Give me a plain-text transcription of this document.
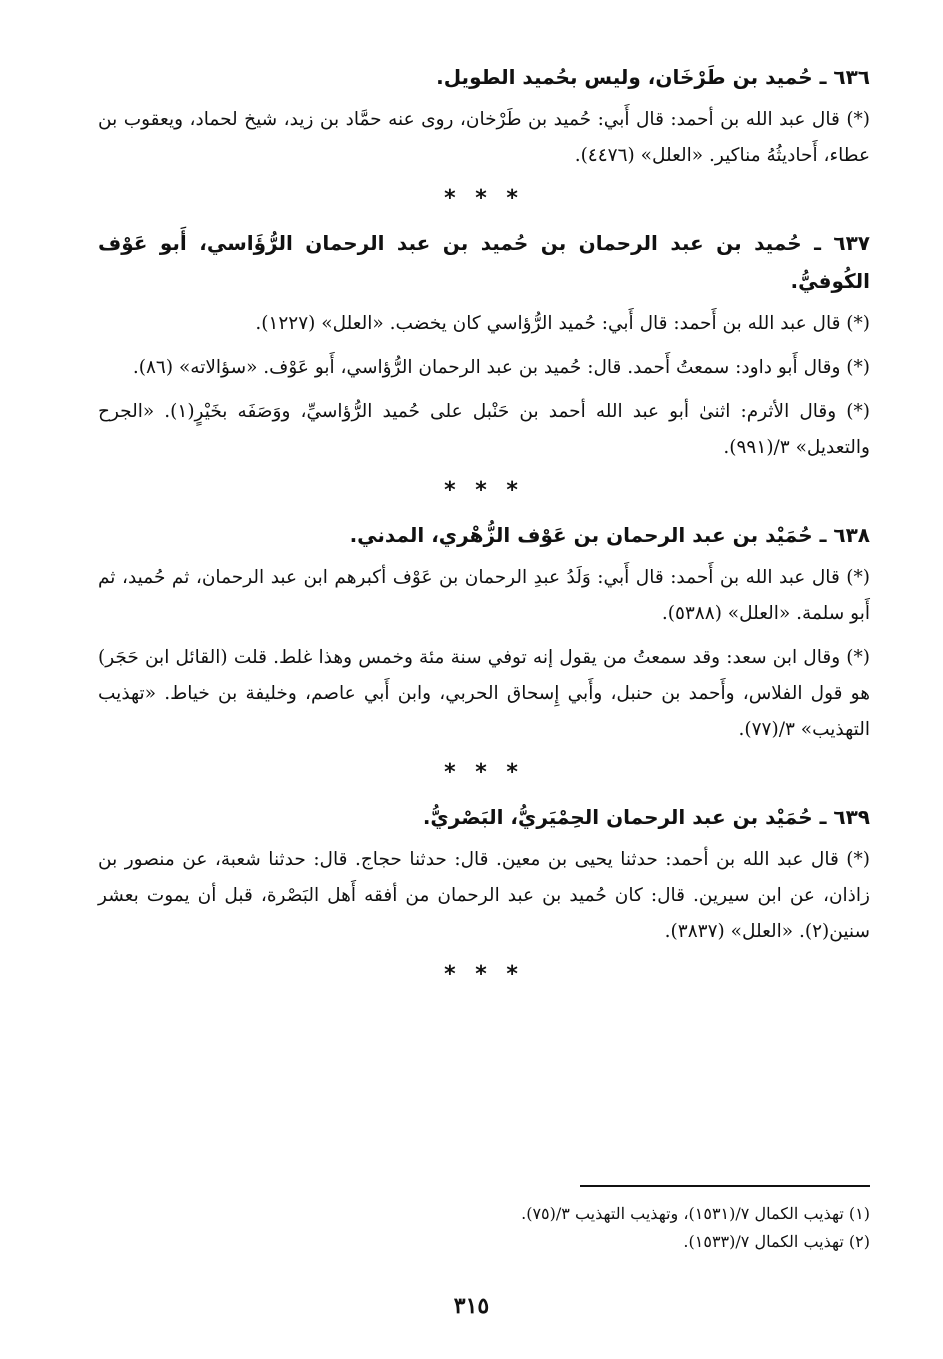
٦٣٦ ـ حُميد بن طَرْخَان، وليس بحُميد الطويل.

(*) قال عبد الله بن أحمد: قال أَبي: حُميد بن طَرْخان، روى عنه حمَّاد بن زيد، شيخ لحماد، ويعقوب بن عطاء، أَحاديثُهُ مناكير. «العلل» (٤٤٧٦).

* * *

٦٣٧ ـ حُميد بن عبد الرحمان بن حُميد بن عبد الرحمان الرُّؤَاسي، أَبو عَوْف الكُوفيُّ.

(*) قال عبد الله بن أَحمد: قال أَبي: حُميد الرُّؤاسي كان يخضب. «العلل» (١٢٢٧).

(*) وقال أَبو داود: سمعتُ أَحمد. قال: حُميد بن عبد الرحمان الرُّؤاسي، أَبو عَوْف. «سؤالاته» (٨٦).

(*) وقال الأثرم: اثنىٰ أبو عبد الله أحمد بن حَنْبل على حُميد الرُّؤاسيِّ، ووَصَفَه بخَيْرٍ(١). «الجرح والتعديل» ٣/(٩٩١).

* * *

٦٣٨ ـ حُمَيْد بن عبد الرحمان بن عَوْف الزُّهْري، المدني.

(*) قال عبد الله بن أَحمد: قال أَبي: وَلَدُ عبدِ الرحمان بن عَوْف أكبرهم ابن عبد الرحمان، ثم حُميد، ثم أَبو سلمة. «العلل» (٥٣٨٨).

(*) وقال ابن سعد: وقد سمعتُ من يقول إنه توفي سنة مئة وخمس وهذا غلط. قلت (القائل ابن حَجَر) هو قول الفلاس، وأَحمد بن حنبل، وأَبي إِسحاق الحربي، وابن أَبي عاصم، وخليفة بن خياط. «تهذيب التهذيب» ٣/(٧٧).

* * *

٦٣٩ ـ حُمَيْد بن عبد الرحمان الحِمْيَريُّ، البَصْريُّ.

(*) قال عبد الله بن أحمد: حدثنا يحيى بن معين. قال: حدثنا حجاج. قال: حدثنا شعبة، عن منصور بن زاذان، عن ابن سيرين. قال: كان حُميد بن عبد الرحمان من أفقه أَهل البَصْرة، قبل أن يموت بعشر سنين(٢). «العلل» (٣٨٣٧).

* * *

(١) تهذيب الكمال ٧/(١٥٣١)، وتهذيب التهذيب ٣/(٧٥).

(٢) تهذيب الكمال ٧/(١٥٣٣).

٣١٥
